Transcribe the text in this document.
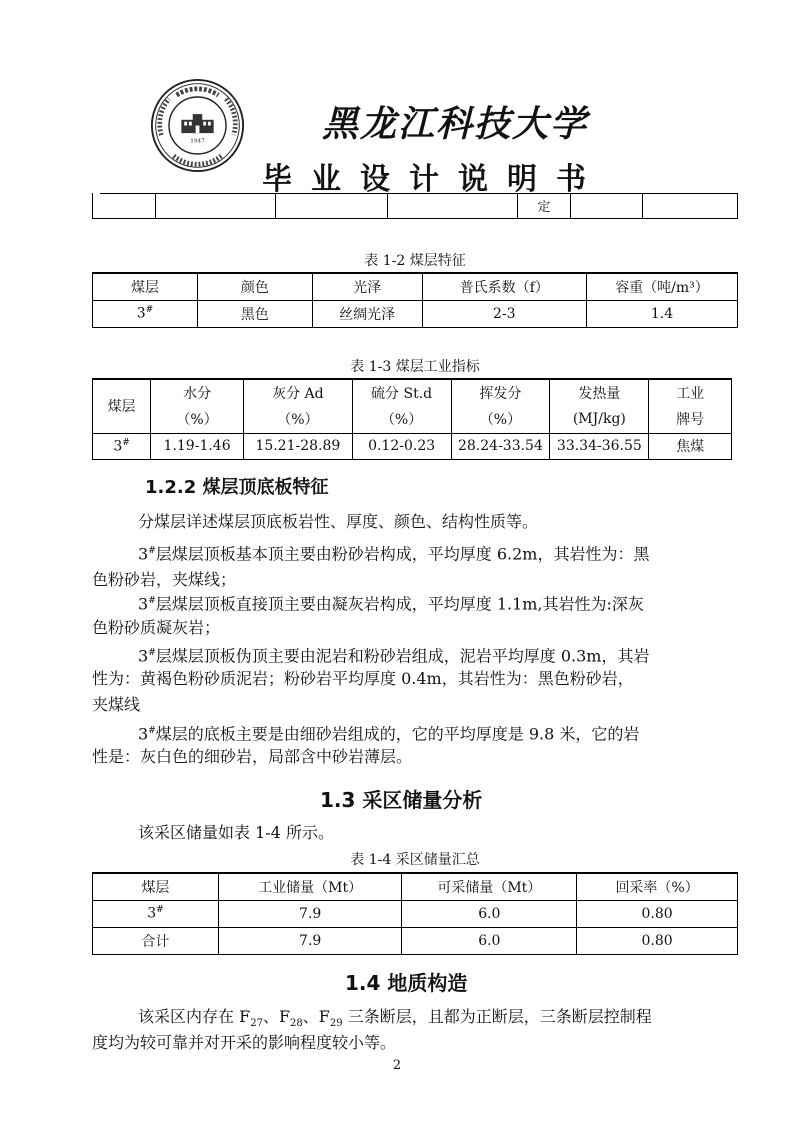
1947	黑龙江科技大学
毕业设计说明书
				定		
表 1-2 煤层特征
煤层	颜色	光泽	普氏系数（f）	容重（吨/m³）
3#	黑色	丝绸光泽	2-3	1.4
表 1-3 煤层工业指标
煤层	水分	灰分 Ad	硫分 St.d	挥发分	发热量	工业
	（%）	（%）	（%）	（%）	(MJ/kg)	牌号
3#	1.19-1.46	15.21-28.89	0.12-0.23	28.24-33.54	33.34-36.55	焦煤
1.2.2 煤层顶底板特征

分煤层详述煤层顶底板岩性、厚度、颜色、结构性质等。

3#层煤层顶板基本顶主要由粉砂岩构成，平均厚度 6.2m，其岩性为：黑

色粉砂岩，夹煤线；

3#层煤层顶板直接顶主要由凝灰岩构成，平均厚度 1.1m,其岩性为:深灰

色粉砂质凝灰岩；

3#层煤层顶板伪顶主要由泥岩和粉砂岩组成，泥岩平均厚度 0.3m，其岩

性为：黄褐色粉砂质泥岩；粉砂岩平均厚度 0.4m，其岩性为：黑色粉砂岩，

夹煤线

3#煤层的底板主要是由细砂岩组成的，它的平均厚度是 9.8 米，它的岩

性是：灰白色的细砂岩，局部含中砂岩薄层。

1.3 采区储量分析

该采区储量如表 1-4 所示。

表 1-4 采区储量汇总
煤层	工业储量（Mt）	可采储量（Mt）	回采率（%）
3#	7.9	6.0	0.80
合计	7.9	6.0	0.80
1.4 地质构造

该采区内存在 $F_{27}$、$F_{28}$、$F_{29}$ 三条断层，且都为正断层，三条断层控制程

度均为较可靠并对开采的影响程度较小等。

2
